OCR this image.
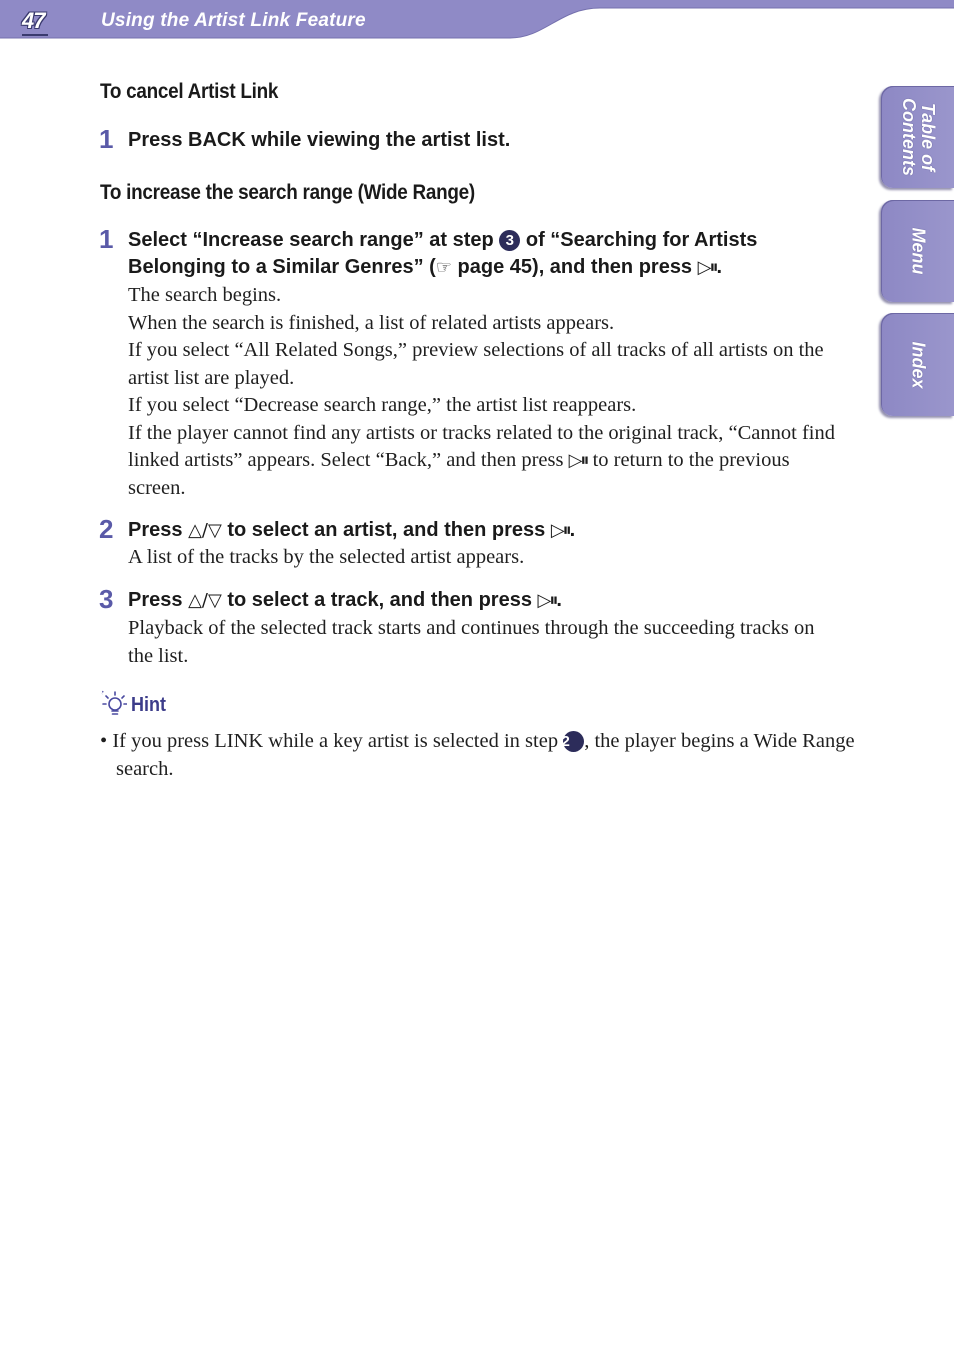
47	Using the Artist Link Feature
Table of
Contents
Menu
Index
To cancel Artist Link
1 Press BACK while viewing the artist list.
To increase the search range (Wide Range)
1 Select “Increase search range” at step 3 of “Searching for Artists Belonging to a Similar Genres” (☞ page 45), and then press ▷⏸.

The search begins.

When the search is finished, a list of related artists appears.

If you select “All Related Songs,” preview selections of all tracks of all artists on the artist list are played.

If you select “Decrease search range,” the artist list reappears.

If the player cannot find any artists or tracks related to the original track, “Cannot find linked artists” appears. Select “Back,” and then press ▷⏸ to return to the previous screen.

2 Press △/▽ to select an artist, and then press ▷⏸.
A list of the tracks by the selected artist appears.
3 Press △/▽ to select a track, and then press ▷⏸.
Playback of the selected track starts and continues through the succeeding tracks on the list.
Hint
• If you press LINK while a key artist is selected in step 2 , the player begins a Wide Range search.
